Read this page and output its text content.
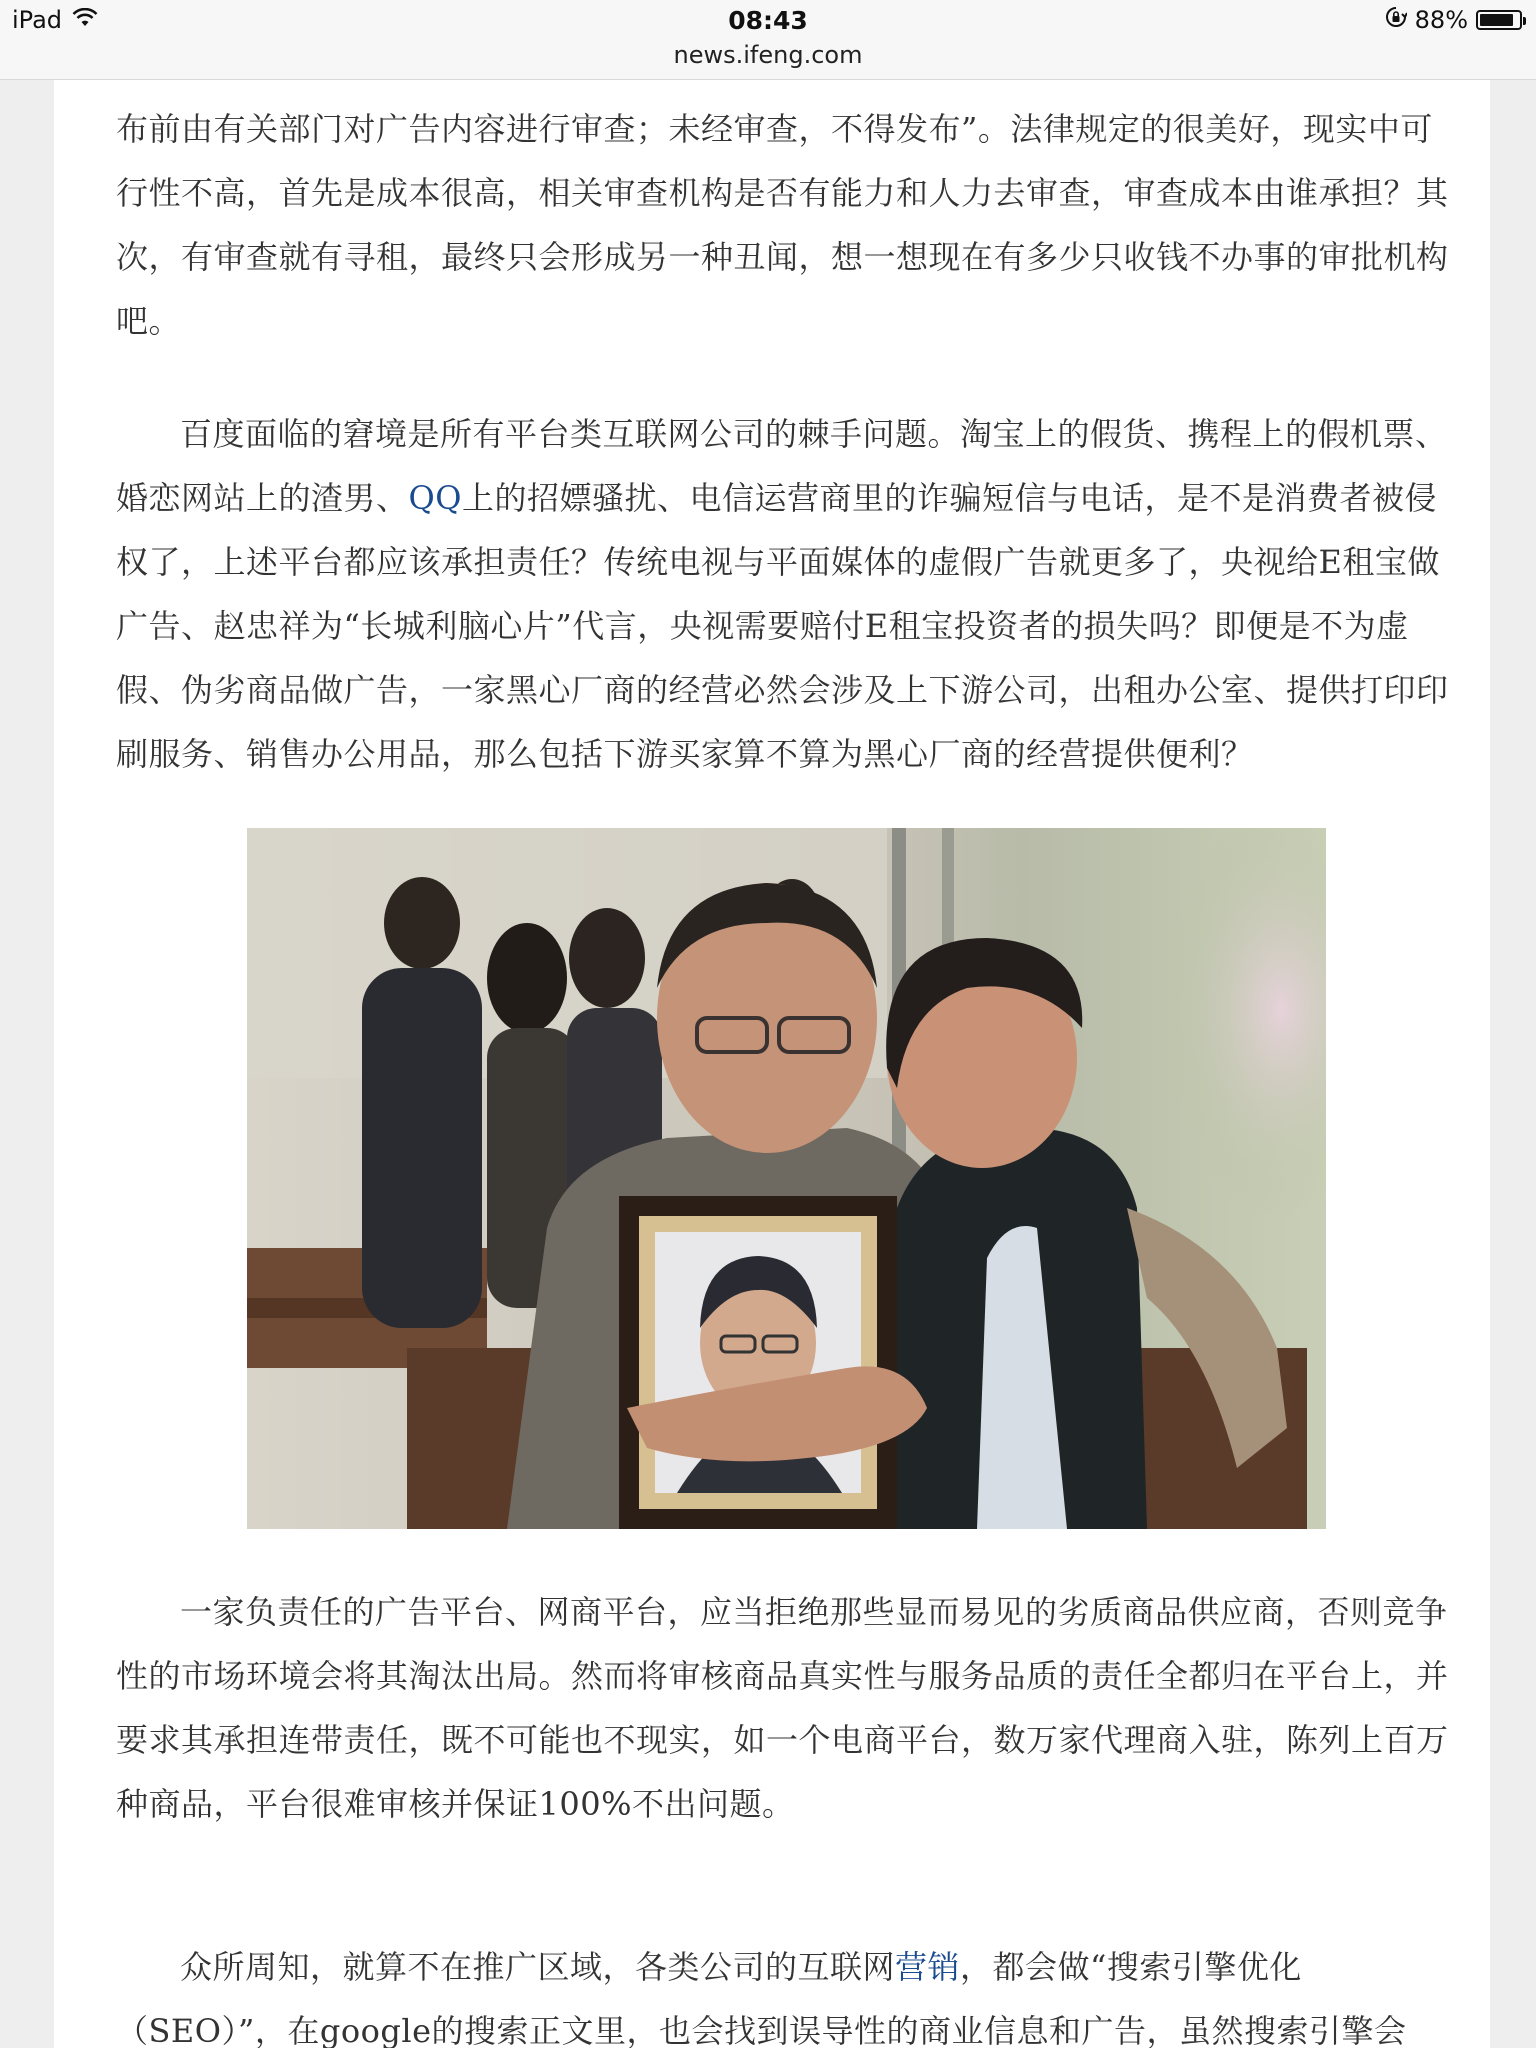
iPad	08:43
news.ifeng.com
88%

布前由有关部门对广告内容进行审查；未经审查，不得发布”。法律规定的很美好，现实中可行性不高，首先是成本很高，相关审查机构是否有能力和人力去审查，审查成本由谁承担？其次，有审查就有寻租，最终只会形成另一种丑闻，想一想现在有多少只收钱不办事的审批机构吧。

百度面临的窘境是所有平台类互联网公司的棘手问题。淘宝上的假货、携程上的假机票、婚恋网站上的渣男、QQ上的招嫖骚扰、电信运营商里的诈骗短信与电话，是不是消费者被侵权了，上述平台都应该承担责任？传统电视与平面媒体的虚假广告就更多了，央视给E租宝做广告、赵忠祥为“长城利脑心片”代言，央视需要赔付E租宝投资者的损失吗？即便是不为虚假、伪劣商品做广告，一家黑心厂商的经营必然会涉及上下游公司，出租办公室、提供打印印刷服务、销售办公用品，那么包括下游买家算不算为黑心厂商的经营提供便利？

一家负责任的广告平台、网商平台，应当拒绝那些显而易见的劣质商品供应商，否则竞争性的市场环境会将其淘汰出局。然而将审核商品真实性与服务品质的责任全都归在平台上，并要求其承担连带责任，既不可能也不现实，如一个电商平台，数万家代理商入驻，陈列上百万种商品，平台很难审核并保证100%不出问题。

众所周知，就算不在推广区域，各类公司的互联网营销，都会做“搜索引擎优化（SEO）”，在google的搜索正文里，也会找到误导性的商业信息和广告，虽然搜索引擎会
